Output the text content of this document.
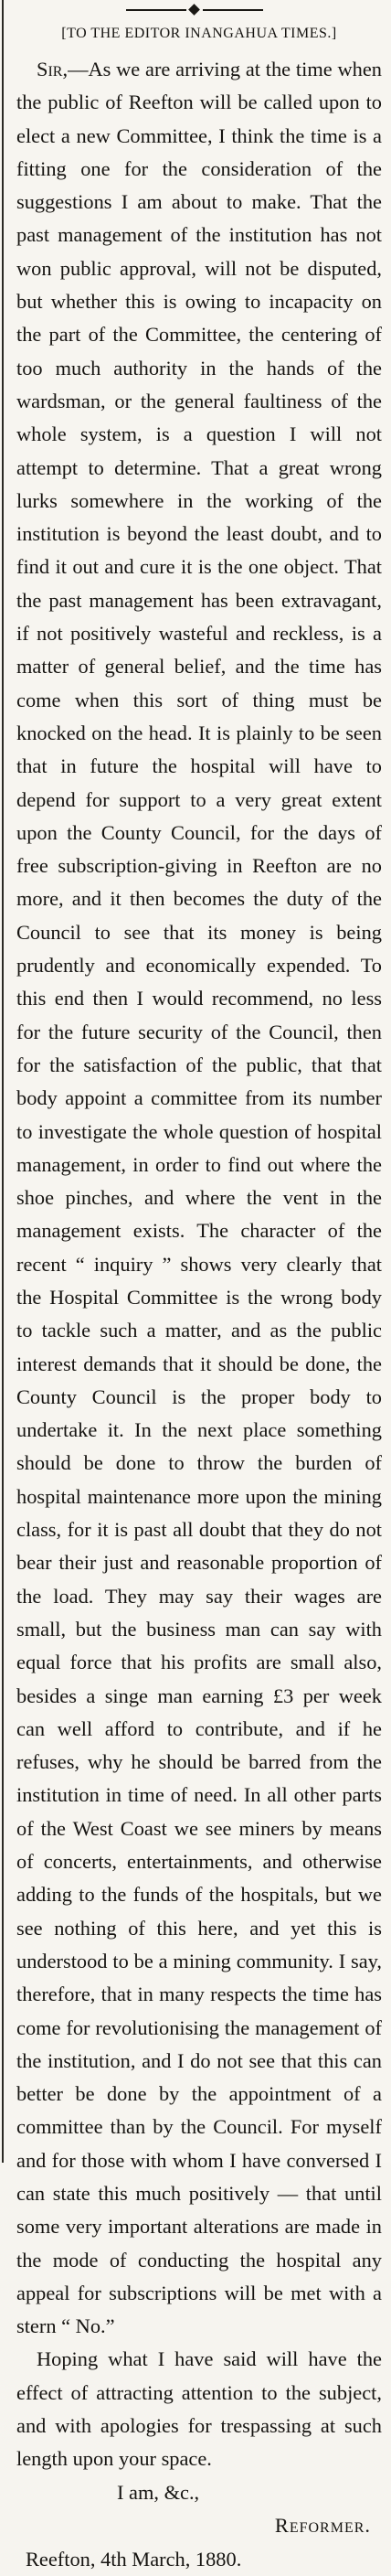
[TO THE EDITOR INANGAHUA TIMES.]

Sir,—As we are arriving at the time when the public of Reefton will be called upon to elect a new Committee, I think the time is a fitting one for the consideration of the suggestions I am about to make. That the past management of the institution has not won public approval, will not be disputed, but whether this is owing to incapacity on the part of the Committee, the centering of too much authority in the hands of the wardsman, or the general faultiness of the whole system, is a question I will not attempt to determine. That a great wrong lurks somewhere in the working of the institution is beyond the least doubt, and to find it out and cure it is the one object. That the past management has been extravagant, if not positively wasteful and reckless, is a matter of general belief, and the time has come when this sort of thing must be knocked on the head. It is plainly to be seen that in future the hospital will have to depend for support to a very great extent upon the County Council, for the days of free subscription-giving in Reefton are no more, and it then becomes the duty of the Council to see that its money is being prudently and economically expended. To this end then I would recommend, no less for the future security of the Council, then for the satisfaction of the public, that that body appoint a committee from its number to investigate the whole question of hospital management, in order to find out where the shoe pinches, and where the vent in the management exists. The character of the recent “ inquiry ” shows very clearly that the Hospital Committee is the wrong body to tackle such a matter, and as the public interest demands that it should be done, the County Council is the proper body to undertake it. In the next place something should be done to throw the burden of hospital maintenance more upon the mining class, for it is past all doubt that they do not bear their just and reasonable proportion of the load. They may say their wages are small, but the business man can say with equal force that his profits are small also, besides a singe man earning £3 per week can well afford to contribute, and if he refuses, why he should be barred from the institution in time of need. In all other parts of the West Coast we see miners by means of concerts, entertainments, and otherwise adding to the funds of the hospitals, but we see nothing of this here, and yet this is understood to be a mining community. I say, therefore, that in many respects the time has come for revolutionising the management of the institution, and I do not see that this can better be done by the appointment of a committee than by the Council. For myself and for those with whom I have conversed I can state this much positively — that until some very important alterations are made in the mode of conducting the hospital any appeal for subscriptions will be met with a stern “ No.”

Hoping what I have said will have the effect of attracting attention to the subject, and with apologies for trespassing at such length upon your space.

I am, &c.,

Reformer.

Reefton, 4th March, 1880.
